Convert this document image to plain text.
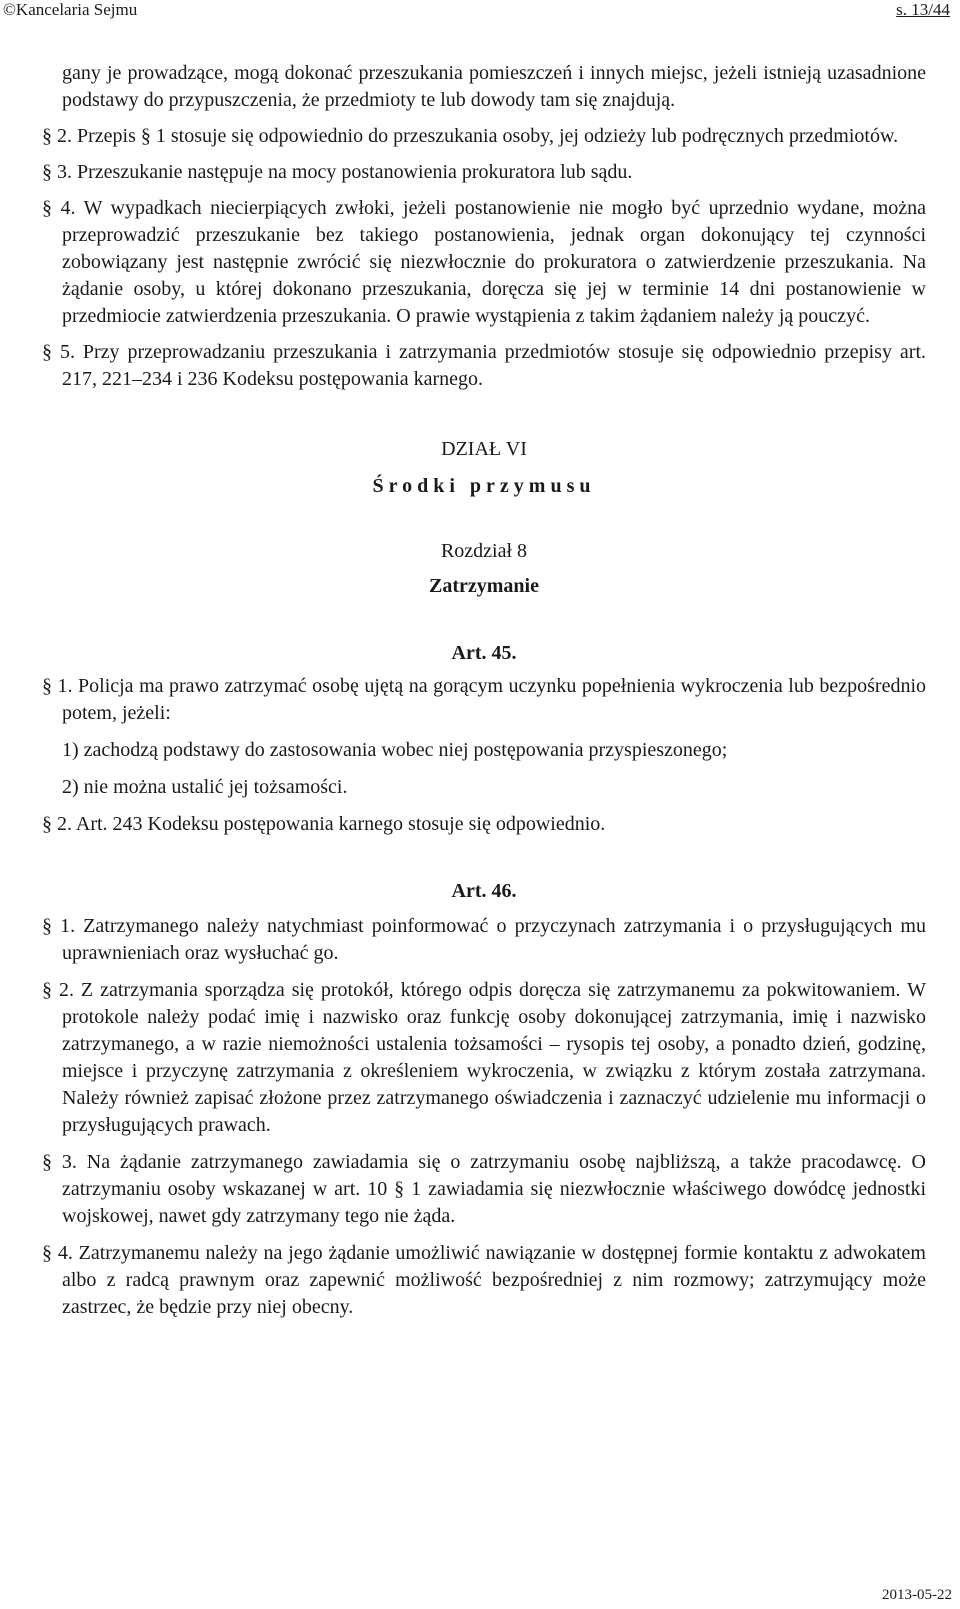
©Kancelaria Sejmu	s. 13/44

gany je prowadzące, mogą dokonać przeszukania pomieszczeń i innych miejsc, jeżeli istnieją uzasadnione podstawy do przypuszczenia, że przedmioty te lub dowody tam się znajdują.

§ 2. Przepis § 1 stosuje się odpowiednio do przeszukania osoby, jej odzieży lub podręcznych przedmiotów.

§ 3. Przeszukanie następuje na mocy postanowienia prokuratora lub sądu.

§ 4. W wypadkach niecierpiących zwłoki, jeżeli postanowienie nie mogło być uprzednio wydane, można przeprowadzić przeszukanie bez takiego postanowienia, jednak organ dokonujący tej czynności zobowiązany jest następnie zwrócić się niezwłocznie do prokuratora o zatwierdzenie przeszukania. Na żądanie osoby, u której dokonano przeszukania, doręcza się jej w terminie 14 dni postanowienie w przedmiocie zatwierdzenia przeszukania. O prawie wystąpienia z takim żądaniem należy ją pouczyć.

§ 5. Przy przeprowadzaniu przeszukania i zatrzymania przedmiotów stosuje się odpowiednio przepisy art. 217, 221–234 i 236 Kodeksu postępowania karnego.

DZIAŁ VI

Środki przymusu

Rozdział 8

Zatrzymanie

Art. 45.

§ 1. Policja ma prawo zatrzymać osobę ujętą na gorącym uczynku popełnienia wykroczenia lub bezpośrednio potem, jeżeli:

1) zachodzą podstawy do zastosowania wobec niej postępowania przyspieszonego;

2) nie można ustalić jej tożsamości.

§ 2. Art. 243 Kodeksu postępowania karnego stosuje się odpowiednio.

Art. 46.

§ 1. Zatrzymanego należy natychmiast poinformować o przyczynach zatrzymania i o przysługujących mu uprawnieniach oraz wysłuchać go.

§ 2. Z zatrzymania sporządza się protokół, którego odpis doręcza się zatrzymanemu za pokwitowaniem. W protokole należy podać imię i nazwisko oraz funkcję osoby dokonującej zatrzymania, imię i nazwisko zatrzymanego, a w razie niemożności ustalenia tożsamości – rysopis tej osoby, a ponadto dzień, godzinę, miejsce i przyczynę zatrzymania z określeniem wykroczenia, w związku z którym została zatrzymana. Należy również zapisać złożone przez zatrzymanego oświadczenia i zaznaczyć udzielenie mu informacji o przysługujących prawach.

§ 3. Na żądanie zatrzymanego zawiadamia się o zatrzymaniu osobę najbliższą, a także pracodawcę. O zatrzymaniu osoby wskazanej w art. 10 § 1 zawiadamia się niezwłocznie właściwego dowódcę jednostki wojskowej, nawet gdy zatrzymany tego nie żąda.

§ 4. Zatrzymanemu należy na jego żądanie umożliwić nawiązanie w dostępnej formie kontaktu z adwokatem albo z radcą prawnym oraz zapewnić możliwość bezpośredniej z nim rozmowy; zatrzymujący może zastrzec, że będzie przy niej obecny.

2013-05-22
